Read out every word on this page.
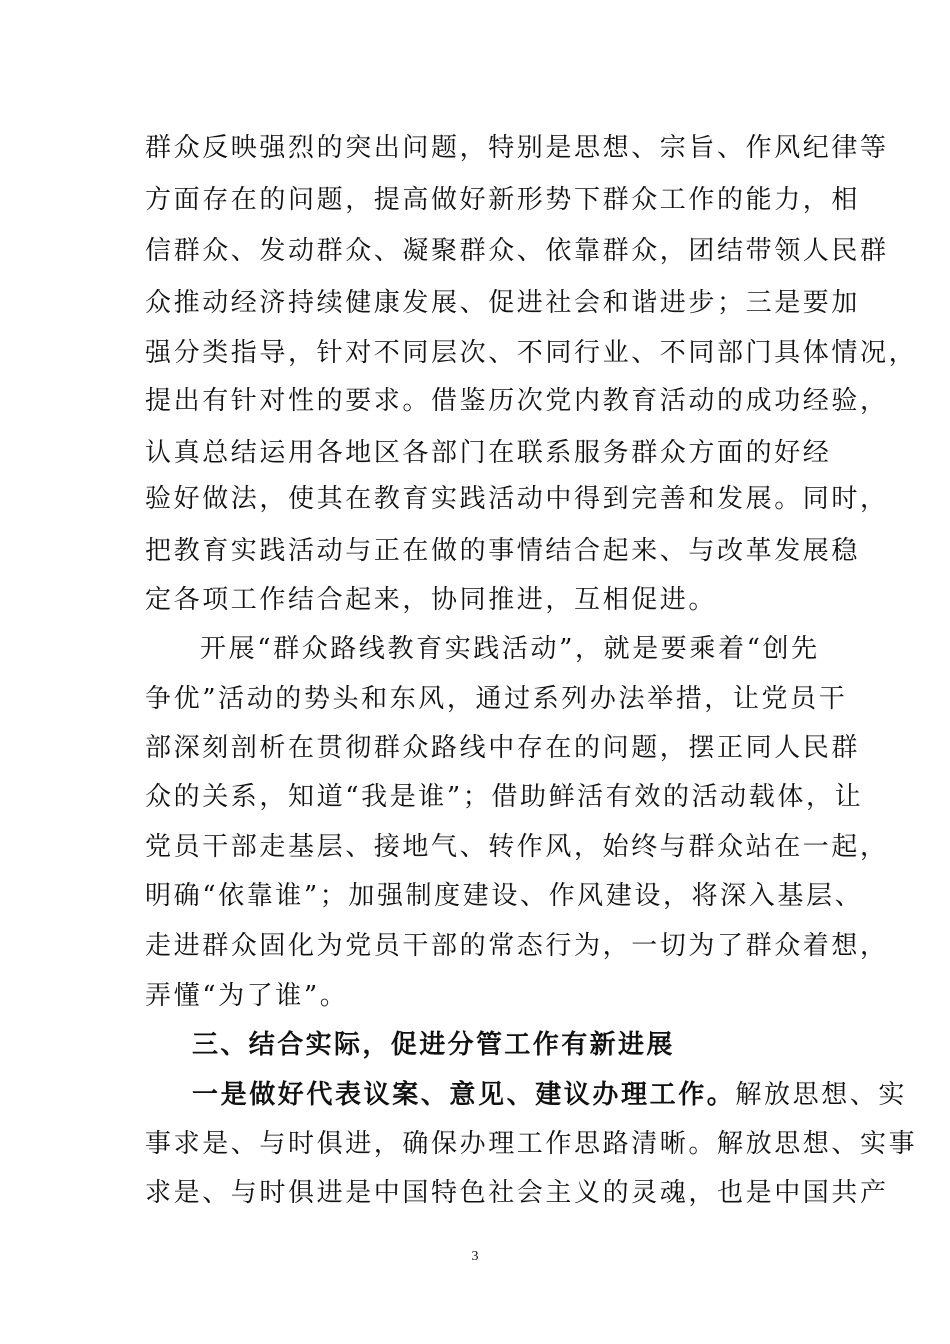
群众反映强烈的突出问题，特别是思想、宗旨、作风纪律等
方面存在的问题，提高做好新形势下群众工作的能力，相
信群众、发动群众、凝聚群众、依靠群众，团结带领人民群
众推动经济持续健康发展、促进社会和谐进步；三是要加
强分类指导，针对不同层次、不同行业、不同部门具体情况，
提出有针对性的要求。借鉴历次党内教育活动的成功经验，
认真总结运用各地区各部门在联系服务群众方面的好经
验好做法，使其在教育实践活动中得到完善和发展。同时，
把教育实践活动与正在做的事情结合起来、与改革发展稳
定各项工作结合起来，协同推进，互相促进。
开展“群众路线教育实践活动”，就是要乘着“创先
争优”活动的势头和东风，通过系列办法举措，让党员干
部深刻剖析在贯彻群众路线中存在的问题，摆正同人民群
众的关系，知道“我是谁”；借助鲜活有效的活动载体，让
党员干部走基层、接地气、转作风，始终与群众站在一起，
明确“依靠谁”；加强制度建设、作风建设，将深入基层、
走进群众固化为党员干部的常态行为，一切为了群众着想，
弄懂“为了谁”。
三、结合实际，促进分管工作有新进展
一是做好代表议案、意见、建议办理工作。解放思想、实
事求是、与时俱进，确保办理工作思路清晰。解放思想、实事
求是、与时俱进是中国特色社会主义的灵魂，也是中国共产
3
